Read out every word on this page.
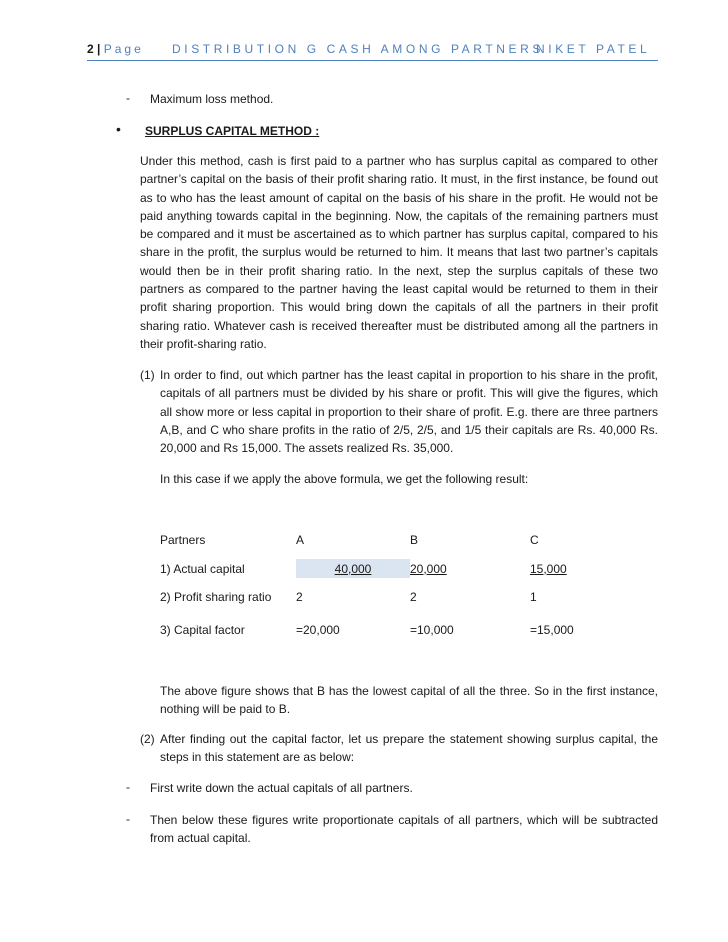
2 | Page DISTRIBUTION G CASH AMONG PARTNERS
NIKET PATEL
- Maximum loss method.
• SURPLUS CAPITAL METHOD :
Under this method, cash is first paid to a partner who has surplus capital as compared to other partner’s capital on the basis of their profit sharing ratio. It must, in the first instance, be found out as to who has the least amount of capital on the basis of his share in the profit. He would not be paid anything towards capital in the beginning. Now, the capitals of the remaining partners must be compared and it must be ascertained as to which partner has surplus capital, compared to his share in the profit, the surplus would be returned to him. It means that last two partner’s capitals would then be in their profit sharing ratio. In the next, step the surplus capitals of these two partners as compared to the partner having the least capital would be returned to them in their profit sharing proportion. This would bring down the capitals of all the partners in their profit sharing ratio. Whatever cash is received thereafter must be distributed among all the partners in their profit-sharing ratio.
(1) In order to find, out which partner has the least capital in proportion to his share in the profit, capitals of all partners must be divided by his share or profit. This will give the figures, which all show more or less capital in proportion to their share of profit. E.g. there are three partners A,B, and C who share profits in the ratio of 2/5, 2/5, and 1/5 their capitals are Rs. 40,000 Rs. 20,000 and Rs 15,000. The assets realized Rs. 35,000.
In this case if we apply the above formula, we get the following result:
Partners	A	B	C

1) Actual capital	40,000	20,000	15,000

2) Profit sharing ratio	2	2	1

3) Capital factor	=20,000	=10,000	=15,000
The above figure shows that B has the lowest capital of all the three. So in the first instance, nothing will be paid to B.
(2) After finding out the capital factor, let us prepare the statement showing surplus capital, the steps in this statement are as below:
- First write down the actual capitals of all partners.
- Then below these figures write proportionate capitals of all partners, which will be subtracted from actual capital.
